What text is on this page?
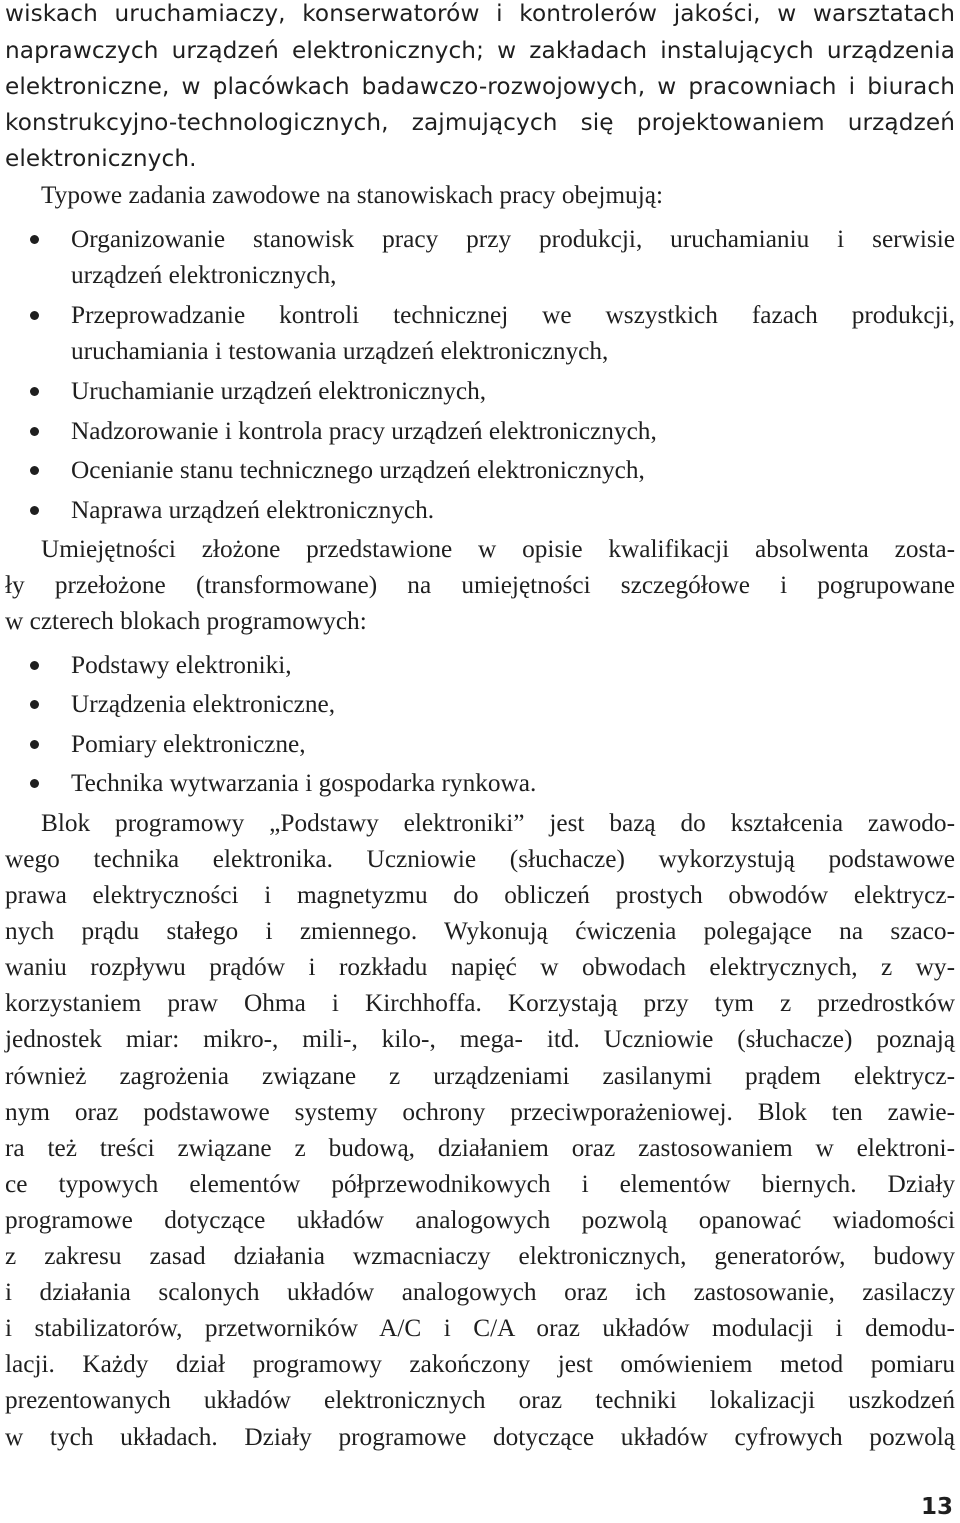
wiskach uruchamiaczy, konserwatorów i kontrolerów jakości, w warsztatach
naprawczych urządzeń elektronicznych; w zakładach instalujących urządzenia
elektroniczne, w placówkach badawczo-rozwojowych, w pracowniach i biurach
konstrukcyjno-technologicznych, zajmujących się projektowaniem urządzeń
elektronicznych.
Typowe zadania zawodowe na stanowiskach pracy obejmują:
Organizowanie stanowisk pracy przy produkcji, uruchamianiu i serwisie
urządzeń elektronicznych,
Przeprowadzanie kontroli technicznej we wszystkich fazach produkcji,
uruchamiania i testowania urządzeń elektronicznych,
Uruchamianie urządzeń elektronicznych,
Nadzorowanie i kontrola pracy urządzeń elektronicznych,
Ocenianie stanu technicznego urządzeń elektronicznych,
Naprawa urządzeń elektronicznych.
Umiejętności złożone przedstawione w opisie kwalifikacji absolwenta zosta-
ły przełożone (transformowane) na umiejętności szczegółowe i pogrupowane
w czterech blokach programowych:
Podstawy elektroniki,
Urządzenia elektroniczne,
Pomiary elektroniczne,
Technika wytwarzania i gospodarka rynkowa.
Blok programowy „Podstawy elektroniki” jest bazą do kształcenia zawodo-
wego technika elektronika. Uczniowie (słuchacze) wykorzystują podstawowe
prawa elektryczności i magnetyzmu do obliczeń prostych obwodów elektrycz-
nych prądu stałego i zmiennego. Wykonują ćwiczenia polegające na szaco-
waniu rozpływu prądów i rozkładu napięć w obwodach elektrycznych, z wy-
korzystaniem praw Ohma i Kirchhoffa. Korzystają przy tym z przedrostków
jednostek miar: mikro-, mili-, kilo-, mega- itd. Uczniowie (słuchacze) poznają
również zagrożenia związane z urządzeniami zasilanymi prądem elektrycz-
nym oraz podstawowe systemy ochrony przeciwporażeniowej. Blok ten zawie-
ra też treści związane z budową, działaniem oraz zastosowaniem w elektroni-
ce typowych elementów półprzewodnikowych i elementów biernych. Działy
programowe dotyczące układów analogowych pozwolą opanować wiadomości
z zakresu zasad działania wzmacniaczy elektronicznych, generatorów, budowy
i działania scalonych układów analogowych oraz ich zastosowanie, zasilaczy
i stabilizatorów, przetworników A/C i C/A oraz układów modulacji i demodu-
lacji. Każdy dział programowy zakończony jest omówieniem metod pomiaru
prezentowanych układów elektronicznych oraz techniki lokalizacji uszkodzeń
w tych układach. Działy programowe dotyczące układów cyfrowych pozwolą
13
